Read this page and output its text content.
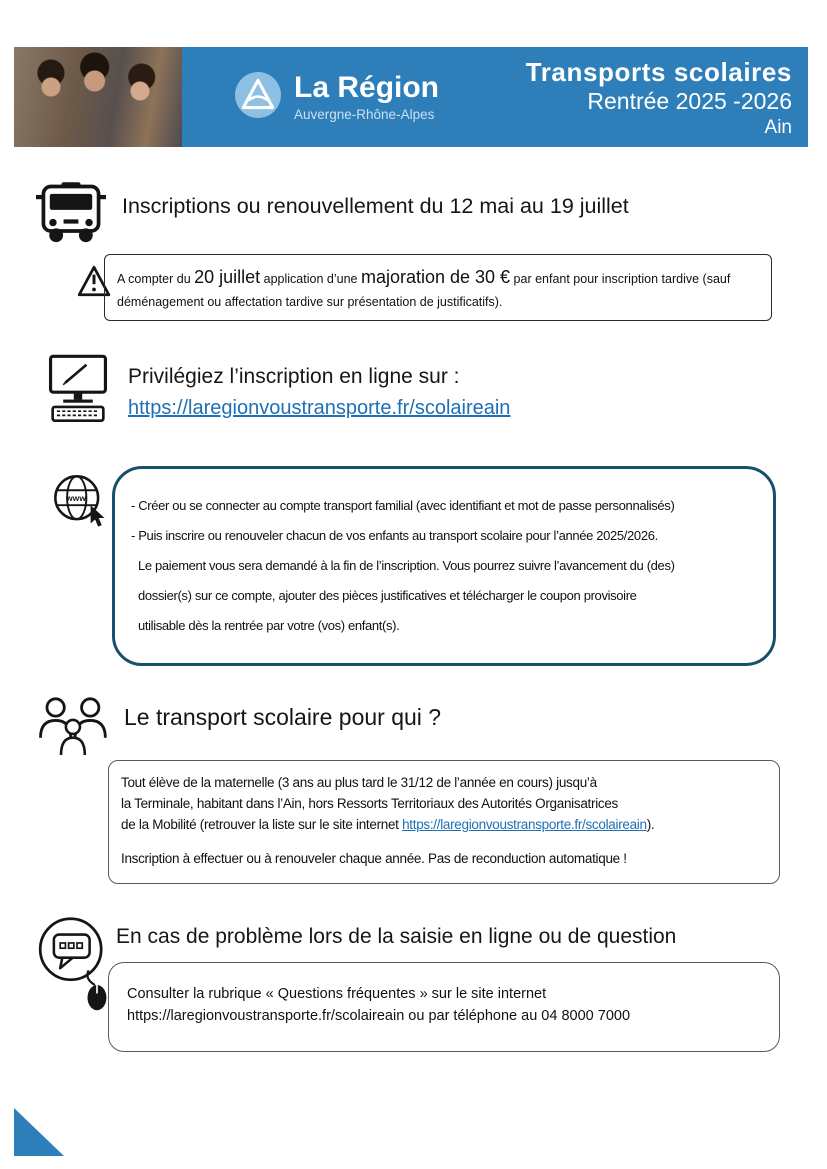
La Région
Auvergne-Rhône-Alpes
Transports scolaires
Rentrée 2025 -2026
Ain
Inscriptions ou renouvellement du 12 mai au 19 juillet
A compter du 20 juillet application d’une majoration de 30 € par enfant pour inscription tardive (sauf déménagement ou affectation tardive sur présentation de justificatifs).
Privilégiez l’inscription en ligne sur :
https://laregionvoustransporte.fr/scolaireain
www
- Créer ou se connecter au compte transport familial (avec identifiant et mot de passe personnalisés)
- Puis inscrire ou renouveler chacun de vos enfants au transport scolaire pour l’année 2025/2026.
Le paiement vous sera demandé à la fin de l’inscription. Vous pourrez suivre l’avancement du (des)
dossier(s) sur ce compte, ajouter des pièces justificatives et télécharger le coupon provisoire
utilisable dès la rentrée par votre (vos) enfant(s).
Le transport scolaire pour qui ?
Tout élève de la maternelle (3 ans au plus tard le 31/12 de l’année en cours) jusqu’à
la Terminale, habitant dans l’Ain, hors Ressorts Territoriaux des Autorités Organisatrices
de la Mobilité (retrouver la liste sur le site internet https://laregionvoustransporte.fr/scolaireain).
Inscription à effectuer ou à renouveler chaque année. Pas de reconduction automatique !
En cas de problème lors de la saisie en ligne ou de question
Consulter la rubrique « Questions fréquentes » sur le site internet
https://laregionvoustransporte.fr/scolaireain ou par téléphone au 04 8000 7000
